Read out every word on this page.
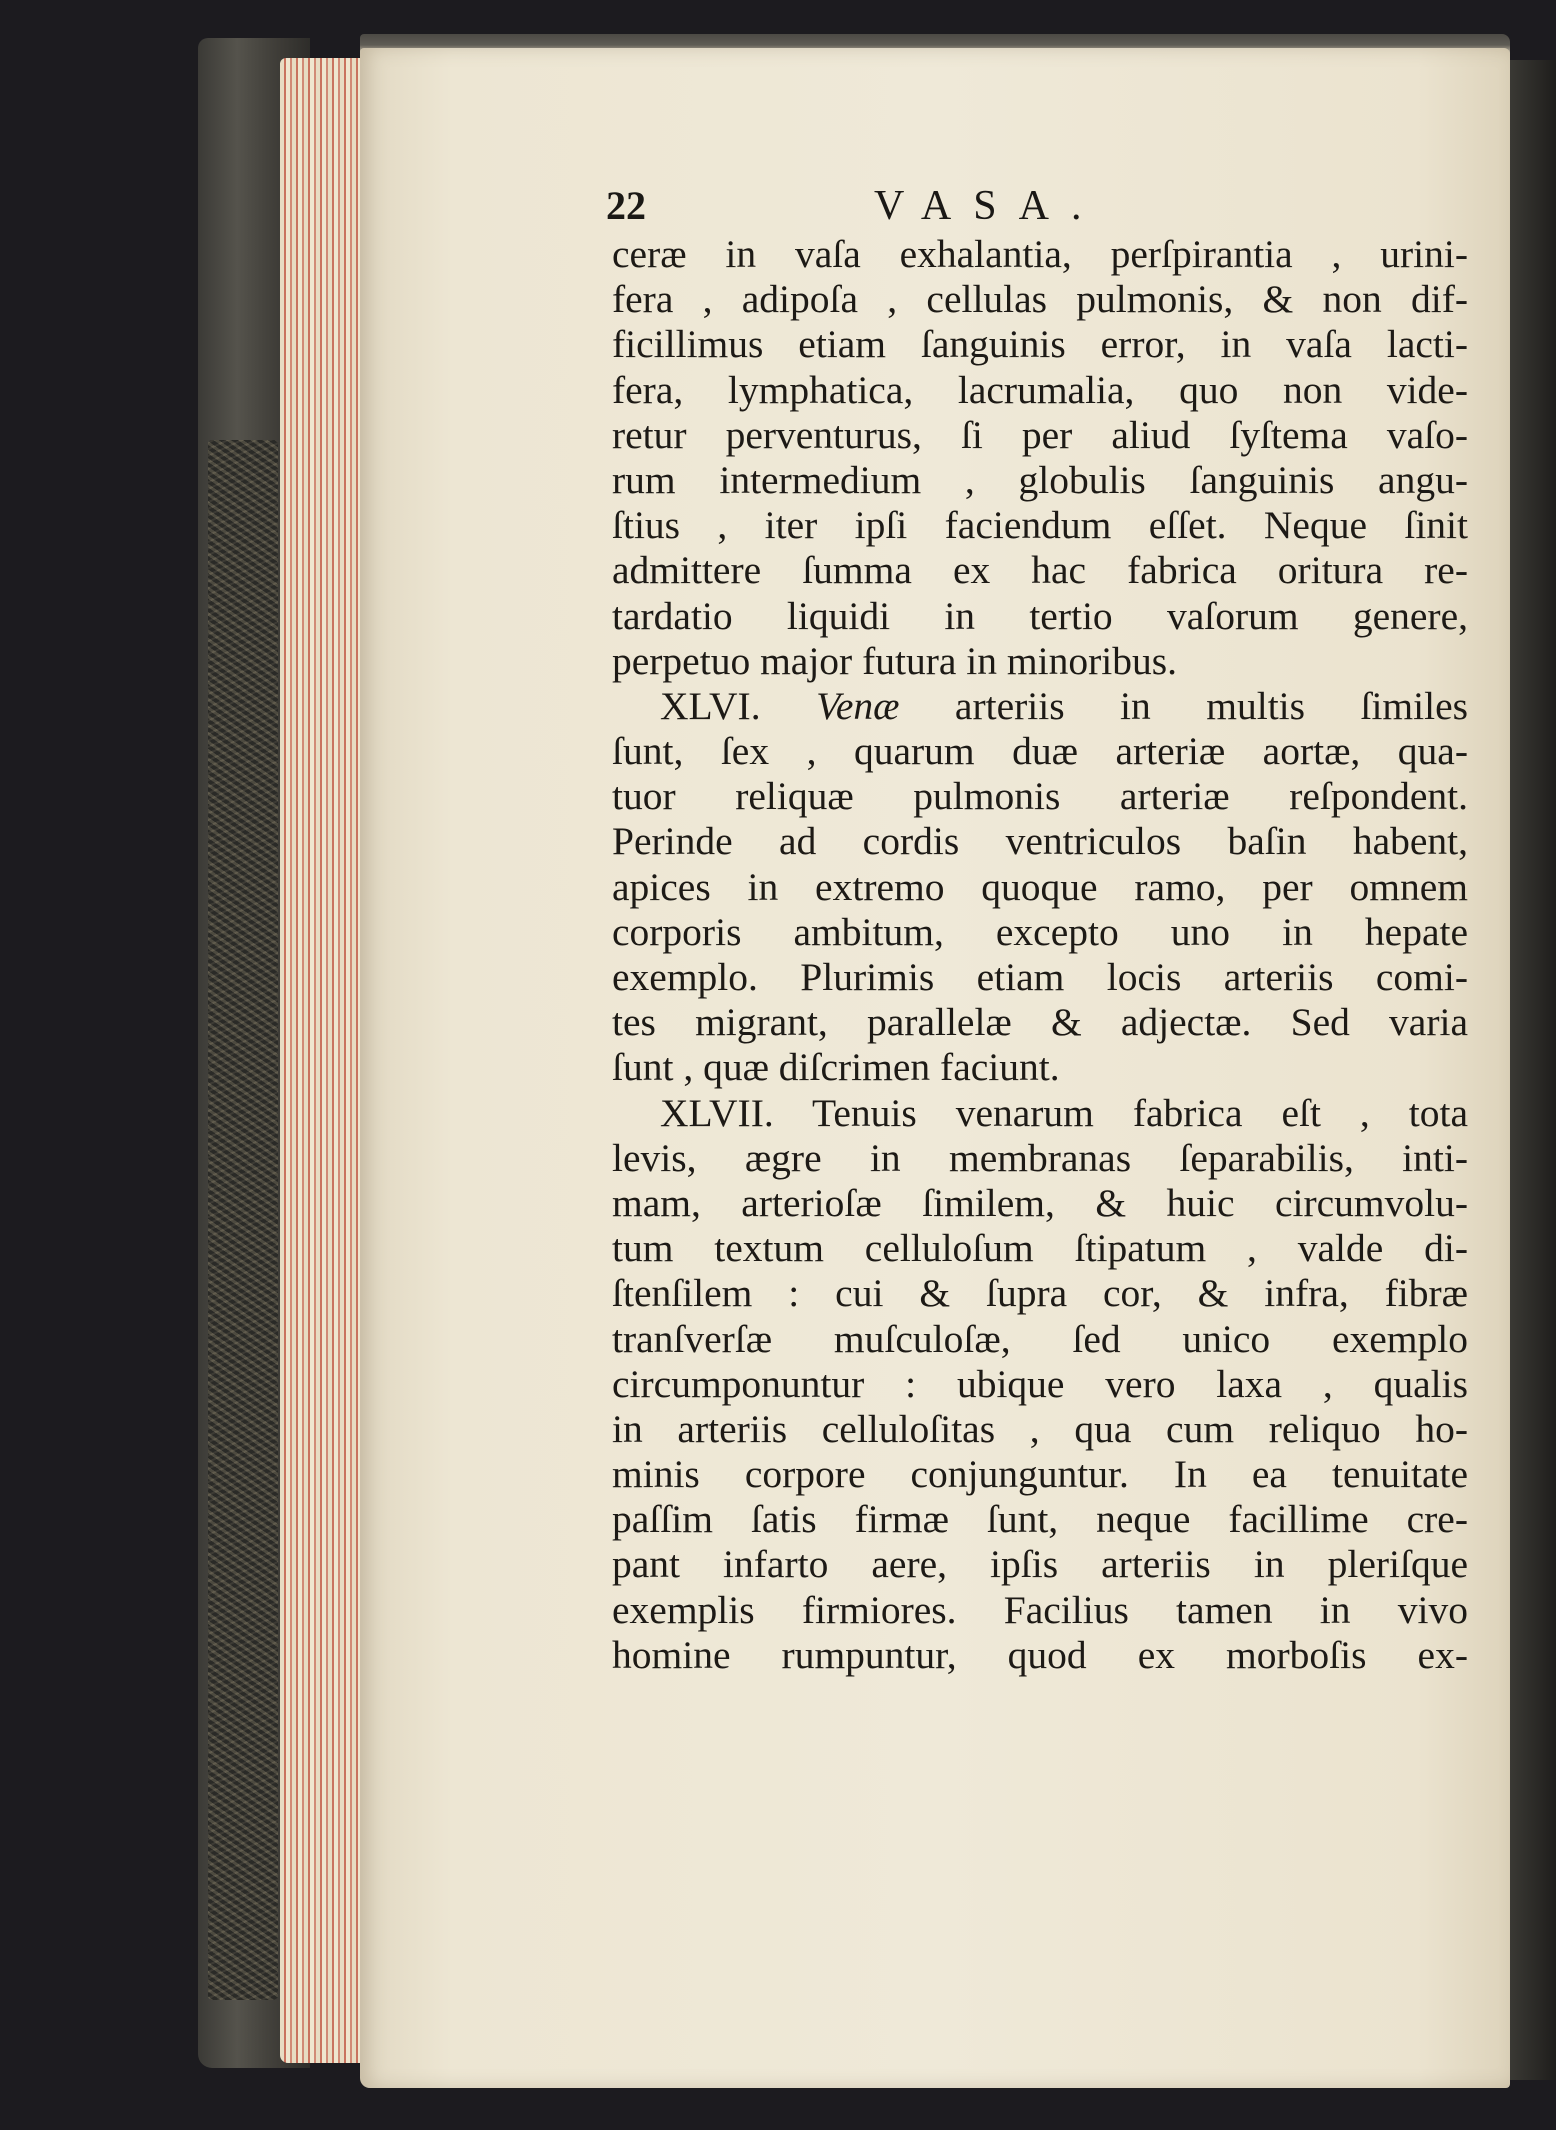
22	VASA.
ceræ in vaſa exhalantia, perſpirantia , urini-
fera , adipoſa , cellulas pulmonis, & non dif-
ficillimus etiam ſanguinis error, in vaſa lacti-
fera, lymphatica, lacrumalia, quo non vide-
retur perventurus, ſi per aliud ſyſtema vaſo-
rum intermedium , globulis ſanguinis angu-
ſtius , iter ipſi faciendum eſſet. Neque ſinit
admittere ſumma ex hac fabrica oritura re-
tardatio liquidi in tertio vaſorum genere,
perpetuo major futura in minoribus.
XLVI. Venæ arteriis in multis ſimiles
ſunt, ſex , quarum duæ arteriæ aortæ, qua-
tuor reliquæ pulmonis arteriæ reſpondent.
Perinde ad cordis ventriculos baſin habent,
apices in extremo quoque ramo, per omnem
corporis ambitum, excepto uno in hepate
exemplo. Plurimis etiam locis arteriis comi-
tes migrant, parallelæ & adjectæ. Sed varia
ſunt , quæ diſcrimen faciunt.
XLVII. Tenuis venarum fabrica eſt , tota
levis, ægre in membranas ſeparabilis, inti-
mam, arterioſæ ſimilem, & huic circumvolu-
tum textum celluloſum ſtipatum , valde di-
ſtenſilem : cui & ſupra cor, & infra, fibræ
tranſverſæ muſculoſæ, ſed unico exemplo
circumponuntur : ubique vero laxa , qualis
in arteriis celluloſitas , qua cum reliquo ho-
minis corpore conjunguntur. In ea tenuitate
paſſim ſatis firmæ ſunt, neque facillime cre-
pant infarto aere, ipſis arteriis in pleriſque
exemplis firmiores. Facilius tamen in vivo
homine rumpuntur, quod ex morboſis ex-
